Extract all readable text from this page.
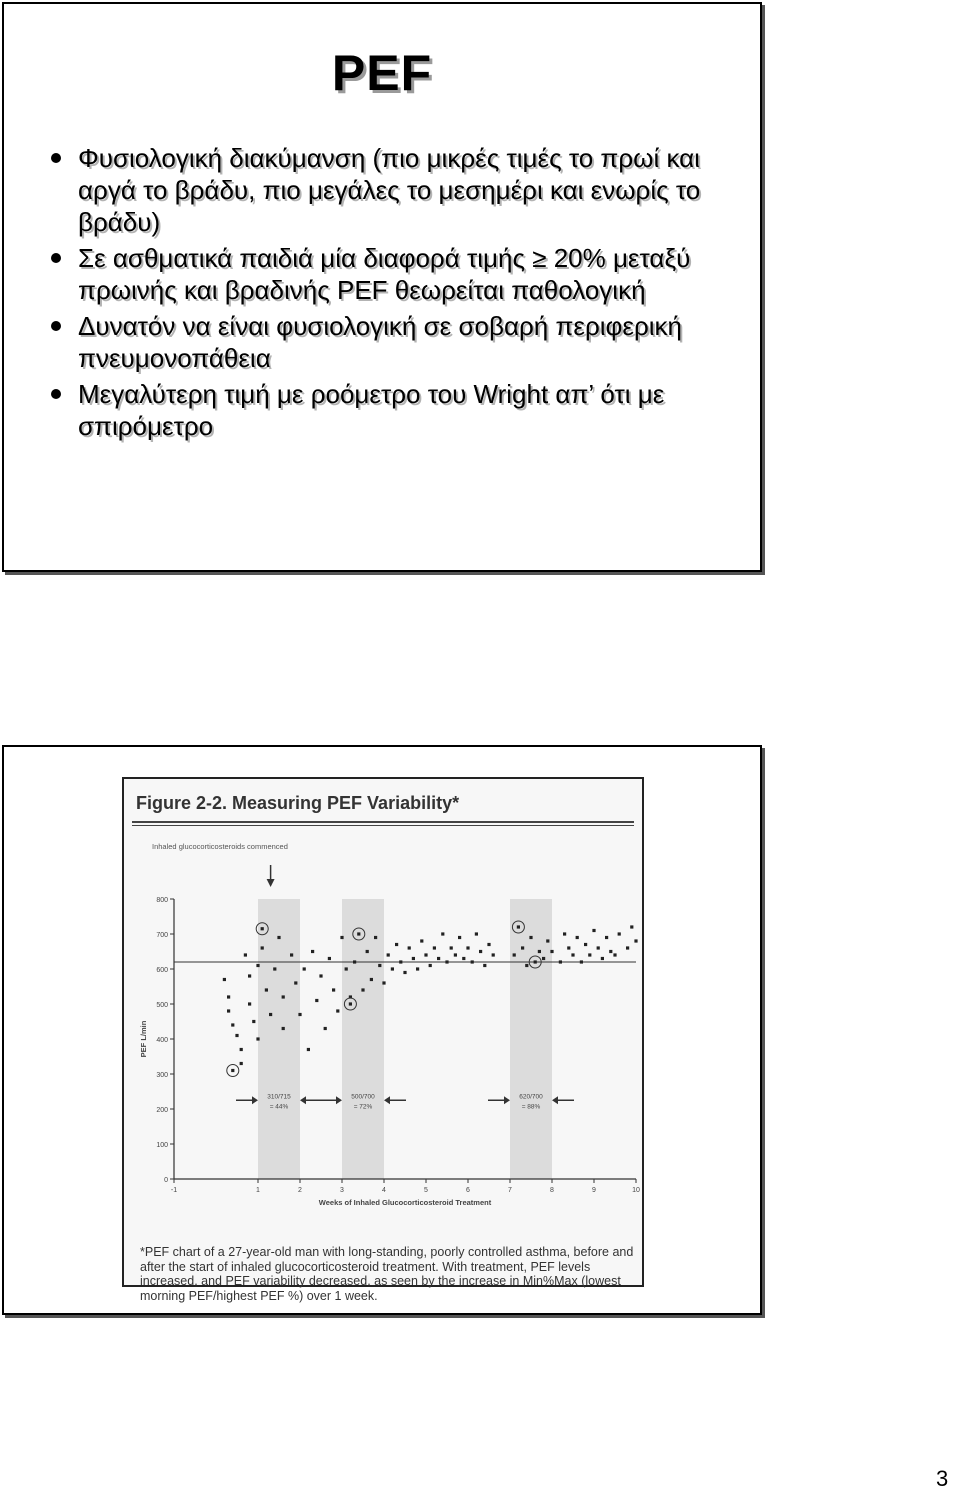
PEF
Φυσιολογική διακύμανση (πιο μικρές τιμές το πρωί και αργά το βράδυ, πιο μεγάλες το μεσημέρι και ενωρίς το βράδυ)
Σε ασθματικά παιδιά μία διαφορά τιμής ≥ 20% μεταξύ πρωινής και βραδινής PEF θεωρείται παθολογική
Δυνατόν να είναι φυσιολογική σε σοβαρή περιφερική πνευμονοπάθεια
Μεγαλύτερη τιμή με ροόμετρο του Wright απ’ ότι με σπιρόμετρο
Figure 2-2. Measuring PEF Variability*
0
100
200
300
400
500
600
700
800
-1	1	2	3	4	5	6	7	8	9	10
Weeks of Inhaled Glucocorticosteroid Treatment
PEF L/min
Inhaled glucocorticosteroids commenced
310/715
= 44%
500/700
= 72%
620/700
= 88%
*PEF chart of a 27-year-old man with long-standing, poorly controlled asthma, before and after the start of inhaled glucocorticosteroid treatment. With treatment, PEF levels increased, and PEF variability decreased, as seen by the increase in Min%Max (lowest morning PEF/highest PEF %) over 1 week.
3
